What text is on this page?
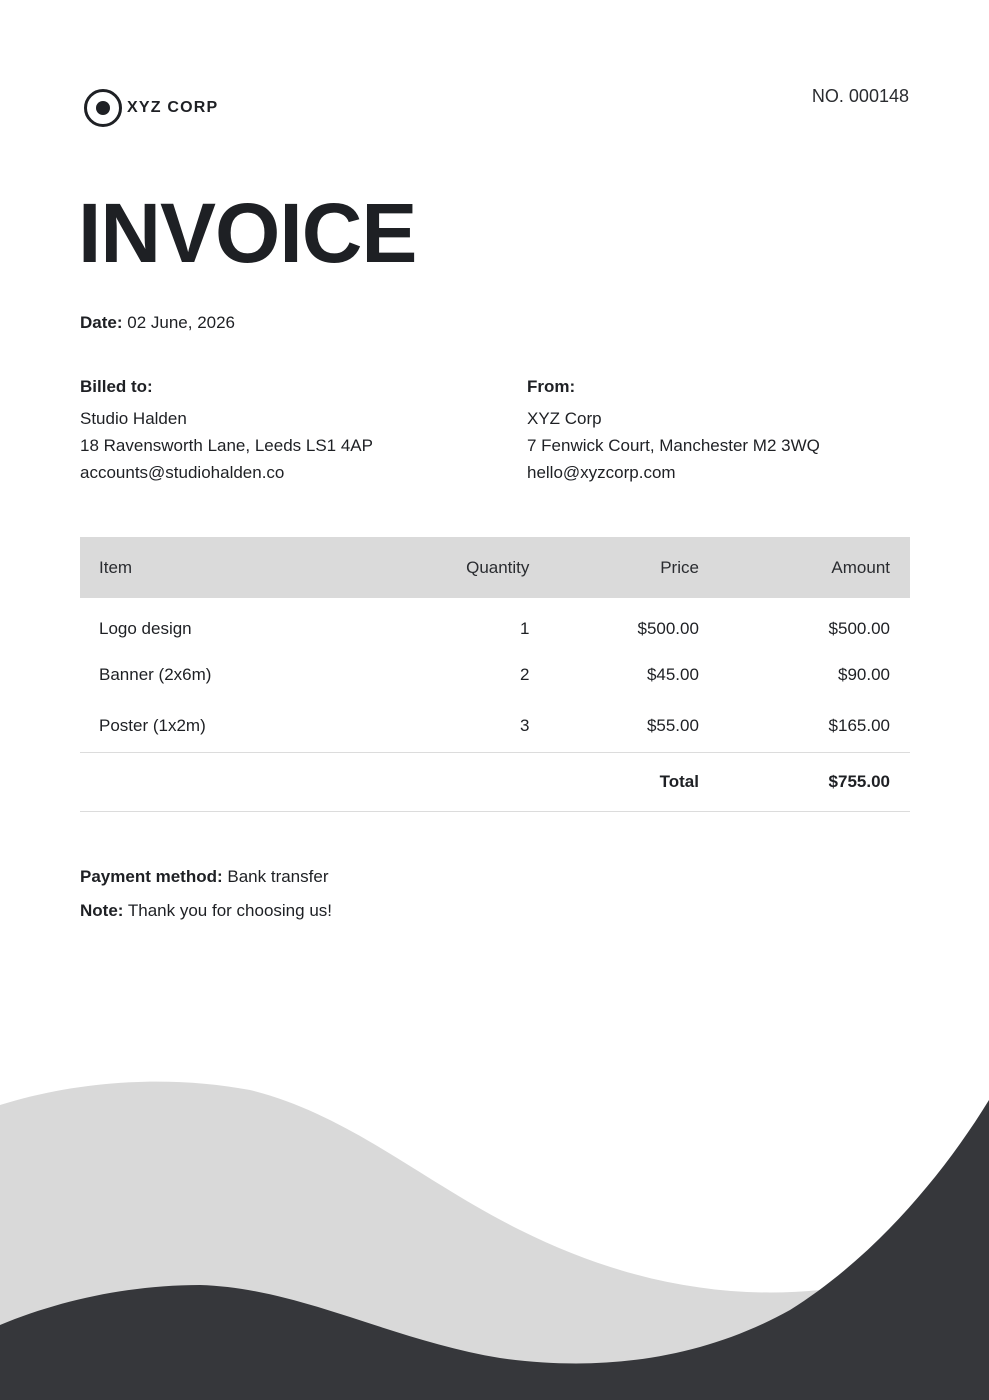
XYZ CORP
NO. 000148
INVOICE
Date: 02 June, 2026
Billed to:
Studio Halden
18 Ravensworth Lane, Leeds LS1 4AP
accounts@studiohalden.co
From:
XYZ Corp
7 Fenwick Court, Manchester M2 3WQ
hello@xyzcorp.com
Item	Quantity	Price	Amount
Logo design	1	$500.00	$500.00
Banner (2x6m)	2	$45.00	$90.00
Poster (1x2m)	3	$55.00	$165.00
		Total	$755.00
Payment method: Bank transfer
Note: Thank you for choosing us!
